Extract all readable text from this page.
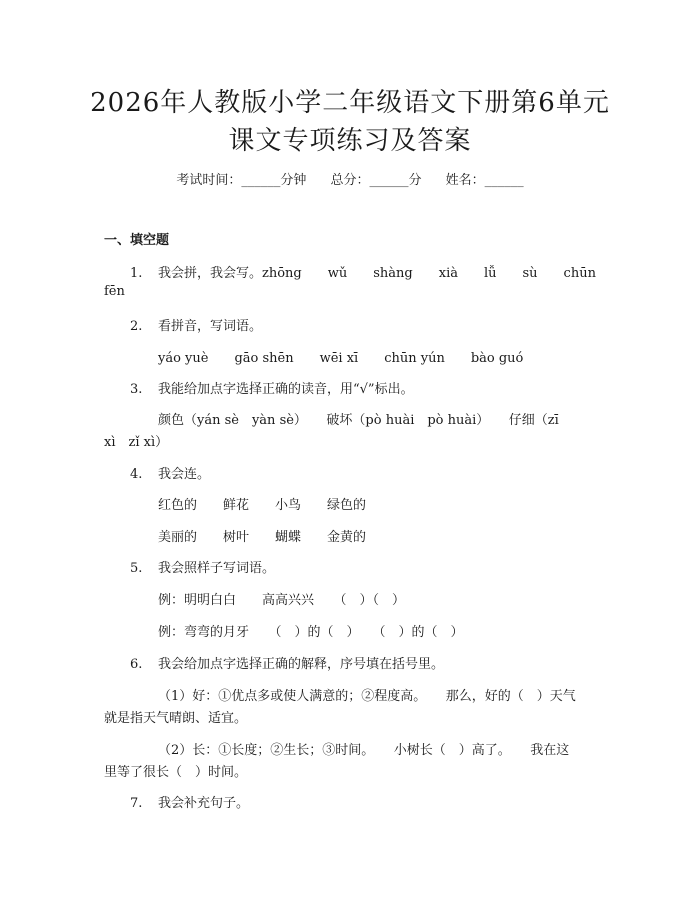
2026年人教版小学二年级语文下册第6单元
课文专项练习及答案
考试时间：______分钟 总分：______分 姓名：______
一、填空题
1. 我会拼，我会写。zhōng　　wǔ　　shàng　　xià　　lǚ　　sù　　chūn
fēn
2. 看拼音，写词语。
yáo yuè　　gāo shēn　　wēi xī　　chūn yún　　bào guó
3. 我能给加点字选择正确的读音，用“√”标出。
颜色（yán sè　yàn sè）　　破坏（pò huài　pò huài）　　仔细（zī
xì　zǐ xì）
4. 我会连。
红色的　　鲜花　　小鸟　　绿色的
美丽的　　树叶　　蝴蝶　　金黄的
5. 我会照样子写词语。
例：明明白白　　高高兴兴　　（　）（　）
例：弯弯的月牙　　（　）的（　）　　（　）的（　）
6. 我会给加点字选择正确的解释，序号填在括号里。
（1）好：①优点多或使人满意的；②程度高。　　那么，好的（　）天气
就是指天气晴朗、适宜。
（2）长：①长度；②生长；③时间。　　小树长（　）高了。　　我在这
里等了很长（　）时间。
7. 我会补充句子。
